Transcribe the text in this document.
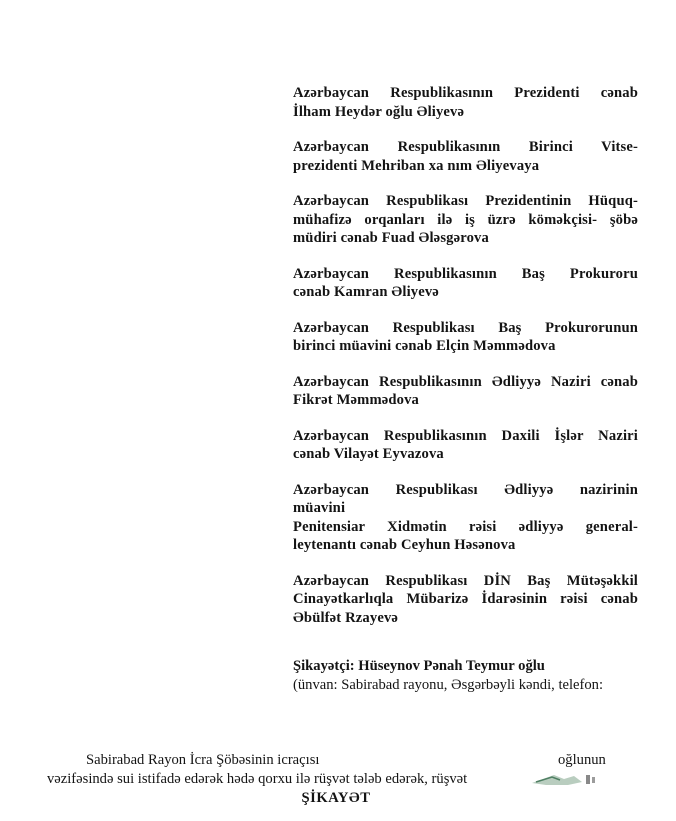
Azərbaycan Respublikasının Prezidenti cənab
İlham Heydər oğlu Əliyevə
Azərbaycan Respublikasının Birinci Vitse-
prezidenti Mehriban xa nım Əliyevaya
Azərbaycan Respublikası Prezidentinin Hüquq-
mühafizə orqanları ilə iş üzrə köməkçisi- şöbə
müdiri cənab Fuad Ələsgərova
Azərbaycan Respublikasının Baş Prokuroru
cənab Kamran Əliyevə
Azərbaycan Respublikası Baş Prokurorunun
birinci müavini cənab Elçin Məmmədova
Azərbaycan Respublikasının Ədliyyə Naziri cənab
Fikrət Məmmədova
Azərbaycan Respublikasının Daxili İşlər Naziri
cənab Vilayət Eyvazova
Azərbaycan Respublikası Ədliyyə nazirinin
müavini
Penitensiar Xidmətin rəisi ədliyyə general-
leytenantı cənab Ceyhun Həsənova
Azərbaycan Respublikası DİN Baş Mütəşəkkil
Cinayətkarlıqla Mübarizə İdarəsinin rəisi cənab
Əbülfət Rzayevə
Şikayətçi: Hüseynov Pənah Teymur oğlu
(ünvan: Sabirabad rayonu, Əsgərbəyli kəndi, telefon:
Sabirabad Rayon İcra Şöbəsinin icraçısı	oğlunun
vəzifəsində sui istifadə edərək hədə qorxu ilə rüşvət tələb edərək, rüşvət
ŞİKAYƏT
